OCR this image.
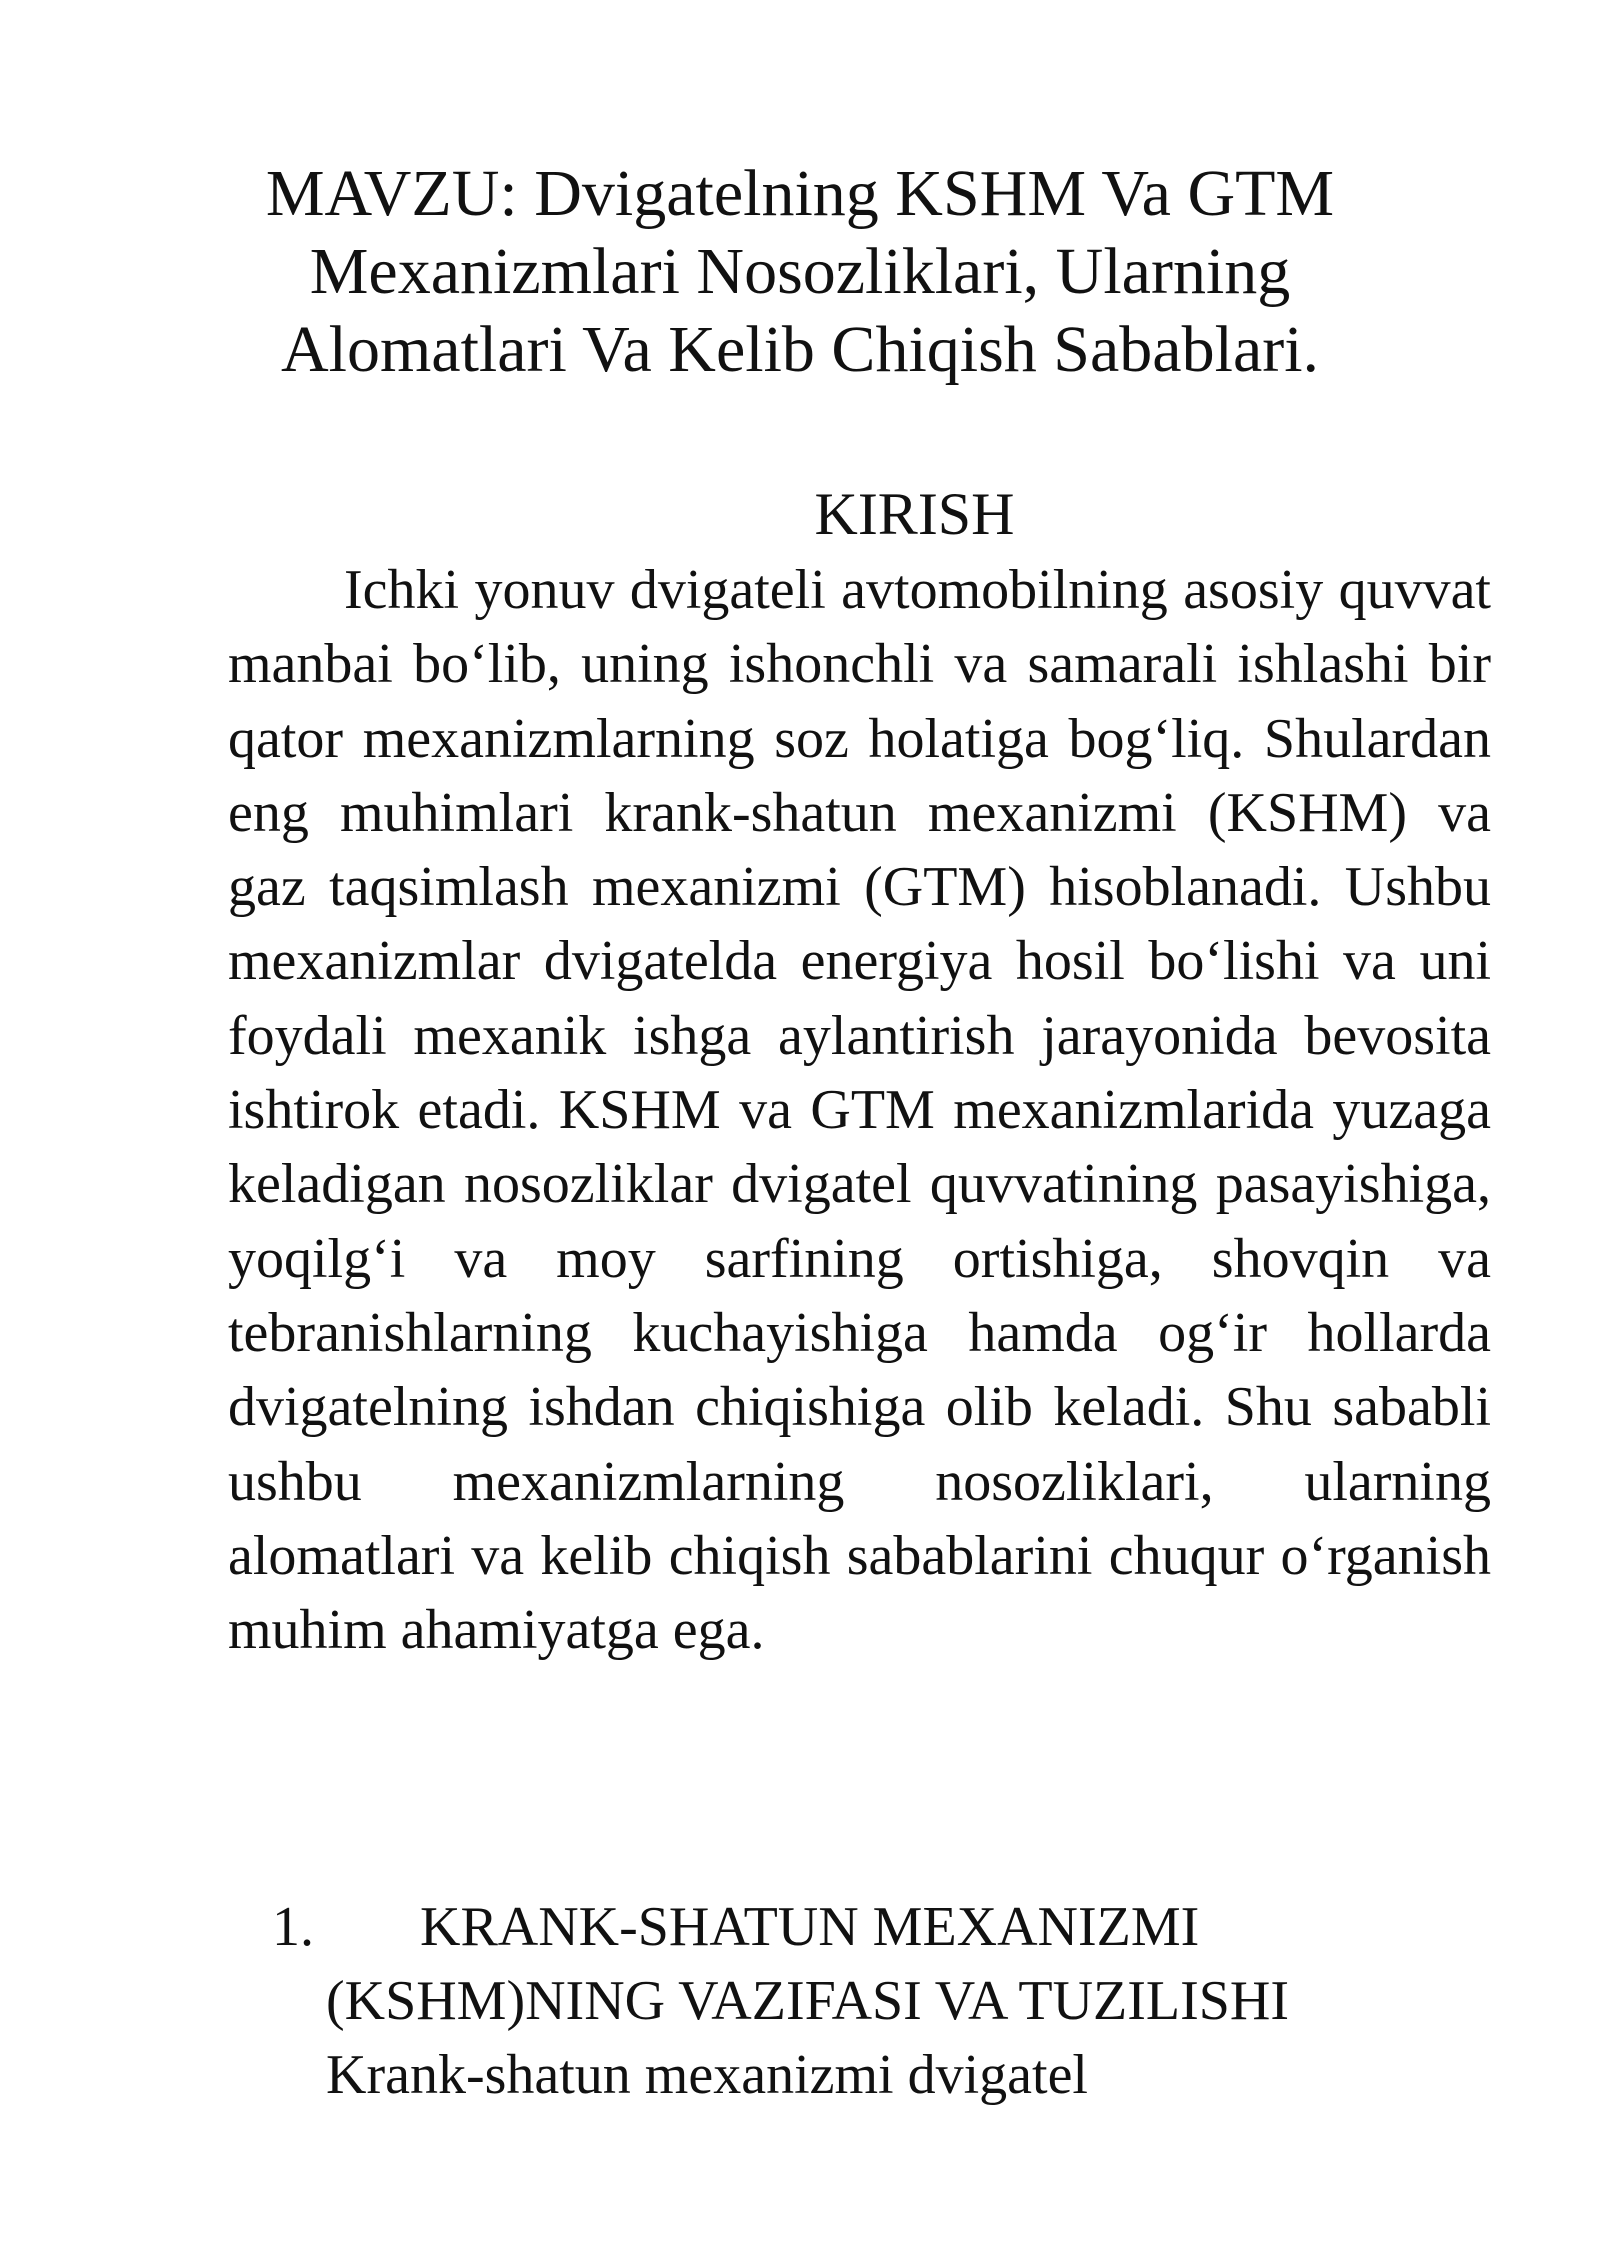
MAVZU: Dvigatelning KSHM Va GTM
Mexanizmlari Nosozliklari, Ularning
Alomatlari Va Kelib Chiqish Sabablari.
KIRISH

Ichki yonuv dvigateli avtomobilning asosiy quvvat manbai bo‘lib, uning ishonchli va samarali ishlashi bir qator mexanizmlarning soz holatiga bog‘liq. Shulardan eng muhimlari krank-shatun mexanizmi (KSHM) va gaz taqsimlash mexanizmi (GTM) hisoblanadi. Ushbu mexanizmlar dvigatelda energiya hosil bo‘lishi va uni foydali mexanik ishga aylantirish jarayonida bevosita ishtirok etadi. KSHM va GTM mexanizmlarida yuzaga keladigan nosozliklar dvigatel quvvatining pasayishiga, yoqilg‘i va moy sarfining ortishiga, shovqin va tebranishlarning kuchayishiga hamda og‘ir hollarda dvigatelning ishdan chiqishiga olib keladi. Shu sababli ushbu mexanizmlarning nosozliklari, ularning alomatlari va kelib chiqish sabablarini chuqur o‘rganish muhim ahamiyatga ega.

1.	KRANK-SHATUN MEXANIZMI
(KSHM)NING VAZIFASI VA TUZILISHI
Krank-shatun mexanizmi dvigatel
